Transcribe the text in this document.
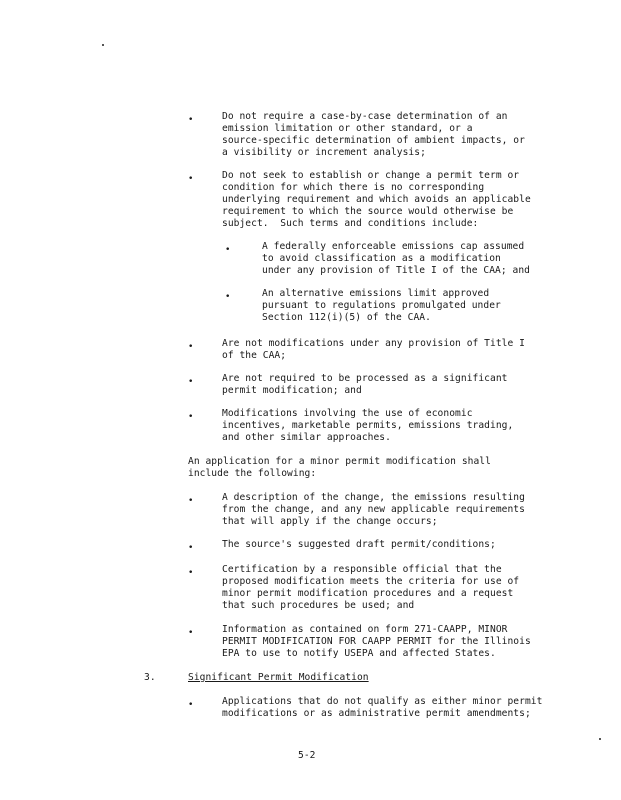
•	Do not require a case-by-case determination of an
emission limitation or other standard, or a
source-specific determination of ambient impacts, or
a visibility or increment analysis;
•	Do not seek to establish or change a permit term or
condition for which there is no corresponding
underlying requirement and which avoids an applicable
requirement to which the source would otherwise be
subject.  Such terms and conditions include:
•	A federally enforceable emissions cap assumed
to avoid classification as a modification
under any provision of Title I of the CAA; and
•	An alternative emissions limit approved
pursuant to regulations promulgated under
Section 112(i)(5) of the CAA.
•	Are not modifications under any provision of Title I
of the CAA;
•	Are not required to be processed as a significant
permit modification; and
•	Modifications involving the use of economic
incentives, marketable permits, emissions trading,
and other similar approaches.
An application for a minor permit modification shall
include the following:
•	A description of the change, the emissions resulting
from the change, and any new applicable requirements
that will apply if the change occurs;
•	The source's suggested draft permit/conditions;
•	Certification by a responsible official that the
proposed modification meets the criteria for use of
minor permit modification procedures and a request
that such procedures be used; and
•	Information as contained on form 271-CAAPP, MINOR
PERMIT MODIFICATION FOR CAAPP PERMIT for the Illinois
EPA to use to notify USEPA and affected States.
3.	Significant Permit Modification
•	Applications that do not qualify as either minor permit
modifications or as administrative permit amendments;
5-2
